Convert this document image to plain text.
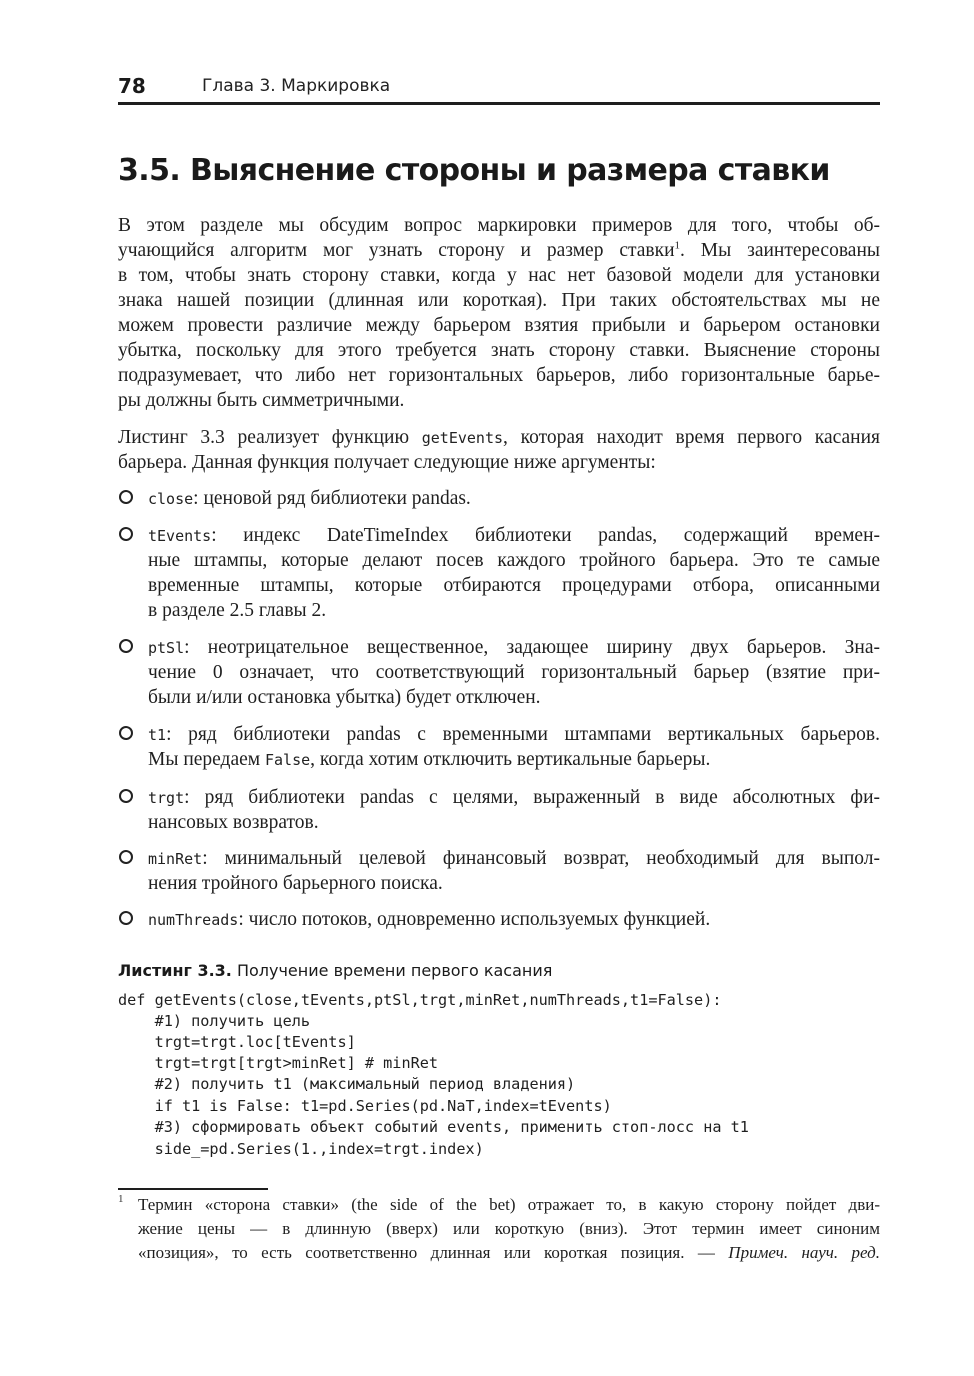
78	Глава 3. Маркировка
3.5. Выяснение стороны и размера ставки
В этом разделе мы обсудим вопрос маркировки примеров для того, чтобы об-
учающийся алгоритм мог узнать сторону и размер ставки$^1$. Мы заинтересованы
в том, чтобы знать сторону ставки, когда у нас нет базовой модели для установки
знака нашей позиции (длинная или короткая). При таких обстоятельствах мы не
можем провести различие между барьером взятия прибыли и барьером остановки
убытка, поскольку для этого требуется знать сторону ставки. Выяснение стороны
подразумевает, что либо нет горизонтальных барьеров, либо горизонтальные барье-
ры должны быть симметричными.
Листинг 3.3 реализует функцию getEvents, которая находит время первого касания
барьера. Данная функция получает следующие ниже аргументы:
close: ценовой ряд библиотеки pandas.
tEvents: индекс DateTimeIndex библиотеки pandas, содержащий времен-
ные штампы, которые делают посев каждого тройного барьера. Это те самые
временные штампы, которые отбираются процедурами отбора, описанными
в разделе 2.5 главы 2.
ptSl: неотрицательное вещественное, задающее ширину двух барьеров. Зна-
чение 0 означает, что соответствующий горизонтальный барьер (взятие при-
были и/или остановка убытка) будет отключен.
t1: ряд библиотеки pandas с временными штампами вертикальных барьеров.
Мы передаем False, когда хотим отключить вертикальные барьеры.
trgt: ряд библиотеки pandas с целями, выраженный в виде абсолютных фи-
нансовых возвратов.
minRet: минимальный целевой финансовый возврат, необходимый для выпол-
нения тройного барьерного поиска.
numThreads: число потоков, одновременно используемых функцией.
Листинг 3.3. Получение времени первого касания
def getEvents(close,tEvents,ptSl,trgt,minRet,numThreads,t1=False):
#1) получить цель
trgt=trgt.loc[tEvents]
trgt=trgt[trgt>minRet] # minRet
#2) получить t1 (максимальный период владения)
if t1 is False: t1=pd.Series(pd.NaT,index=tEvents)
#3) сформировать объект событий events, применить стоп-лосс на t1
side_=pd.Series(1.,index=trgt.index)
1 Термин «сторона ставки» (the side of the bet) отражает то, в какую сторону пойдет дви-
жение цены — в длинную (вверх) или короткую (вниз). Этот термин имеет синоним
«позиция», то есть соответственно длинная или короткая позиция. — Примеч. науч. ред.
